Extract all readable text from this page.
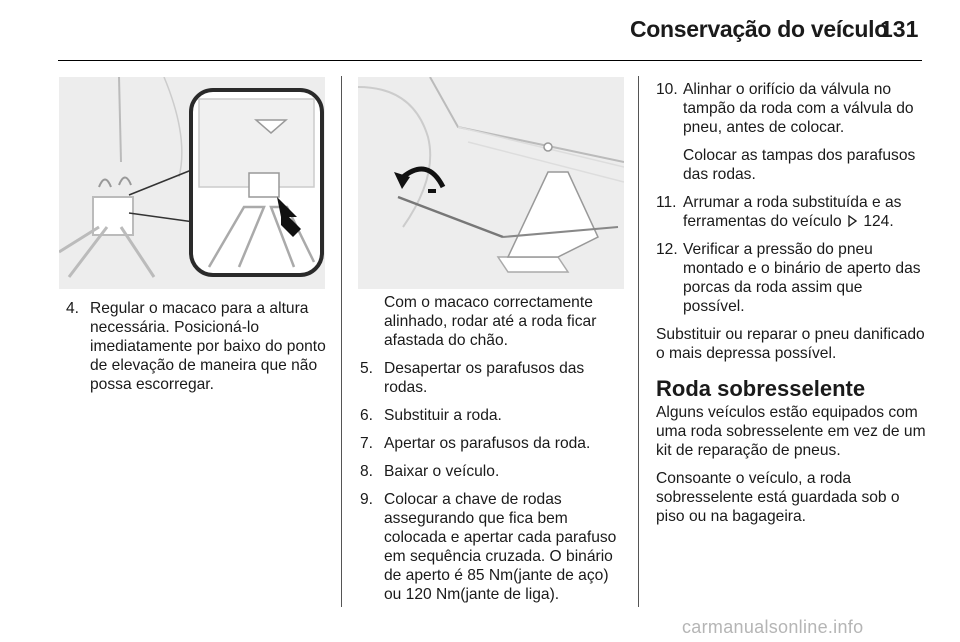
Conservação do veículo
131
4. Regular o macaco para a altura necessária. Posicioná-lo imediatamente por baixo do ponto de elevação de maneira que não possa escorregar.

Com o macaco correctamente alinhado, rodar até a roda ficar afastada do chão.

5. Desapertar os parafusos das rodas.
6. Substituir a roda.
7. Apertar os parafusos da roda.
8. Baixar o veículo.
9. Colocar a chave de rodas assegurando que fica bem colocada e apertar cada parafuso em sequência cruzada. O binário de aperto é 85 Nm(jante de aço) ou 120 Nm(jante de liga).
10. Alinhar o orifício da válvula no tampão da roda com a válvula do pneu, antes de colocar.

Colocar as tampas dos parafusos das rodas.

11. Arrumar a roda substituída e as ferramentas do veículo 124.
12. Verificar a pressão do pneu montado e o binário de aperto das porcas da roda assim que possível.

Substituir ou reparar o pneu danificado o mais depressa possível.

Roda sobresselente

Alguns veículos estão equipados com uma roda sobresselente em vez de um kit de reparação de pneus.

Consoante o veículo, a roda sobresselente está guardada sob o piso ou na bagageira.

carmanualsonline.info
